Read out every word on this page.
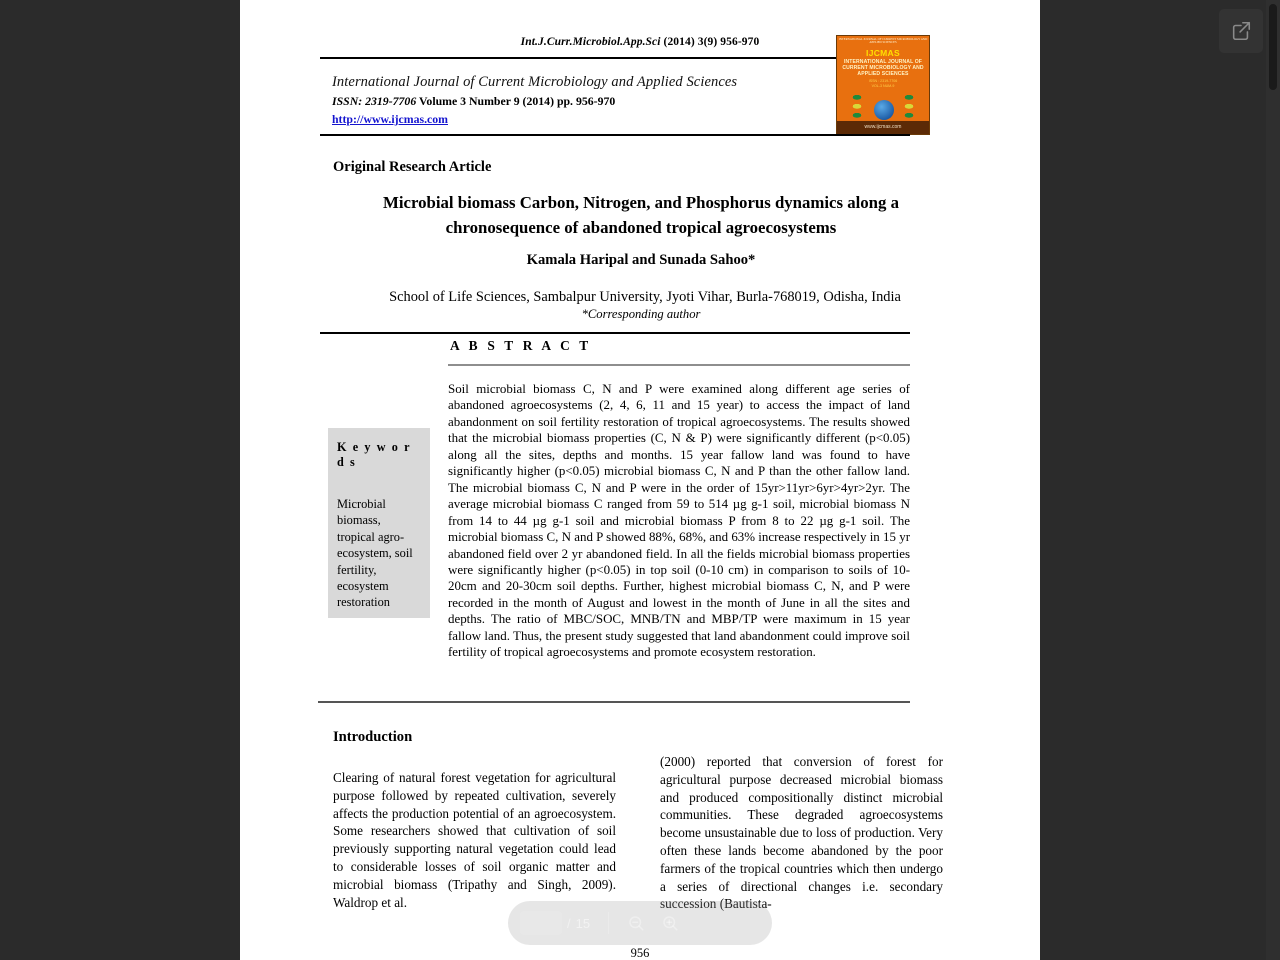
Int.J.Curr.Microbiol.App.Sci (2014) 3(9) 956-970
International Journal of Current Microbiology and Applied Sciences
ISSN: 2319-7706 Volume 3 Number 9 (2014) pp. 956-970
http://www.ijcmas.com
INTERNATIONAL JOURNAL OF CURRENT MICROBIOLOGY AND APPLIED SCIENCES
IJCMAS
INTERNATIONAL JOURNAL OF CURRENT MICROBIOLOGY AND APPLIED SCIENCES
ISSN : 2319-7706
VOL-3 NUM-9
www.ijcmas.com
Original Research Article
Microbial biomass Carbon, Nitrogen, and Phosphorus dynamics along a chronosequence of abandoned tropical agroecosystems
Kamala Haripal and Sunada Sahoo*
School of Life Sciences, Sambalpur University, Jyoti Vihar, Burla-768019, Odisha, India
*Corresponding author
A B S T R A C T
K e y w o r d s
Microbial biomass, tropical agro-ecosystem, soil fertility, ecosystem restoration
Soil microbial biomass C, N and P were examined along different age series of abandoned agroecosystems (2, 4, 6, 11 and 15 year) to access the impact of land abandonment on soil fertility restoration of tropical agroecosystems. The results showed that the microbial biomass properties (C, N & P) were significantly different (p<0.05) along all the sites, depths and months. 15 year fallow land was found to have significantly higher (p<0.05) microbial biomass C, N and P than the other fallow land. The microbial biomass C, N and P were in the order of 15yr>11yr>6yr>4yr>2yr. The average microbial biomass C ranged from 59 to 514 µg g-1 soil, microbial biomass N from 14 to 44 µg g-1 soil and microbial biomass P from 8 to 22 µg g-1 soil. The microbial biomass C, N and P showed 88%, 68%, and 63% increase respectively in 15 yr abandoned field over 2 yr abandoned field. In all the fields microbial biomass properties were significantly higher (p<0.05) in top soil (0-10 cm) in comparison to soils of 10-20cm and 20-30cm soil depths. Further, highest microbial biomass C, N, and P were recorded in the month of August and lowest in the month of June in all the sites and depths. The ratio of MBC/SOC, MNB/TN and MBP/TP were maximum in 15 year fallow land. Thus, the present study suggested that land abandonment could improve soil fertility of tropical agroecosystems and promote ecosystem restoration.
Introduction
Clearing of natural forest vegetation for agricultural purpose followed by repeated cultivation, severely affects the production potential of an agroecosystem. Some researchers showed that cultivation of soil previously supporting natural vegetation could lead to considerable losses of soil organic matter and microbial biomass (Tripathy and Singh, 2009). Waldrop et al.
(2000) reported that conversion of forest for agricultural purpose decreased microbial biomass and produced compositionally distinct microbial communities. These degraded agroecosystems become unsustainable due to loss of production. Very often these lands become abandoned by the poor farmers of the tropical countries which then undergo a series of directional changes i.e. secondary succession (Bautista-
956
/ 15
